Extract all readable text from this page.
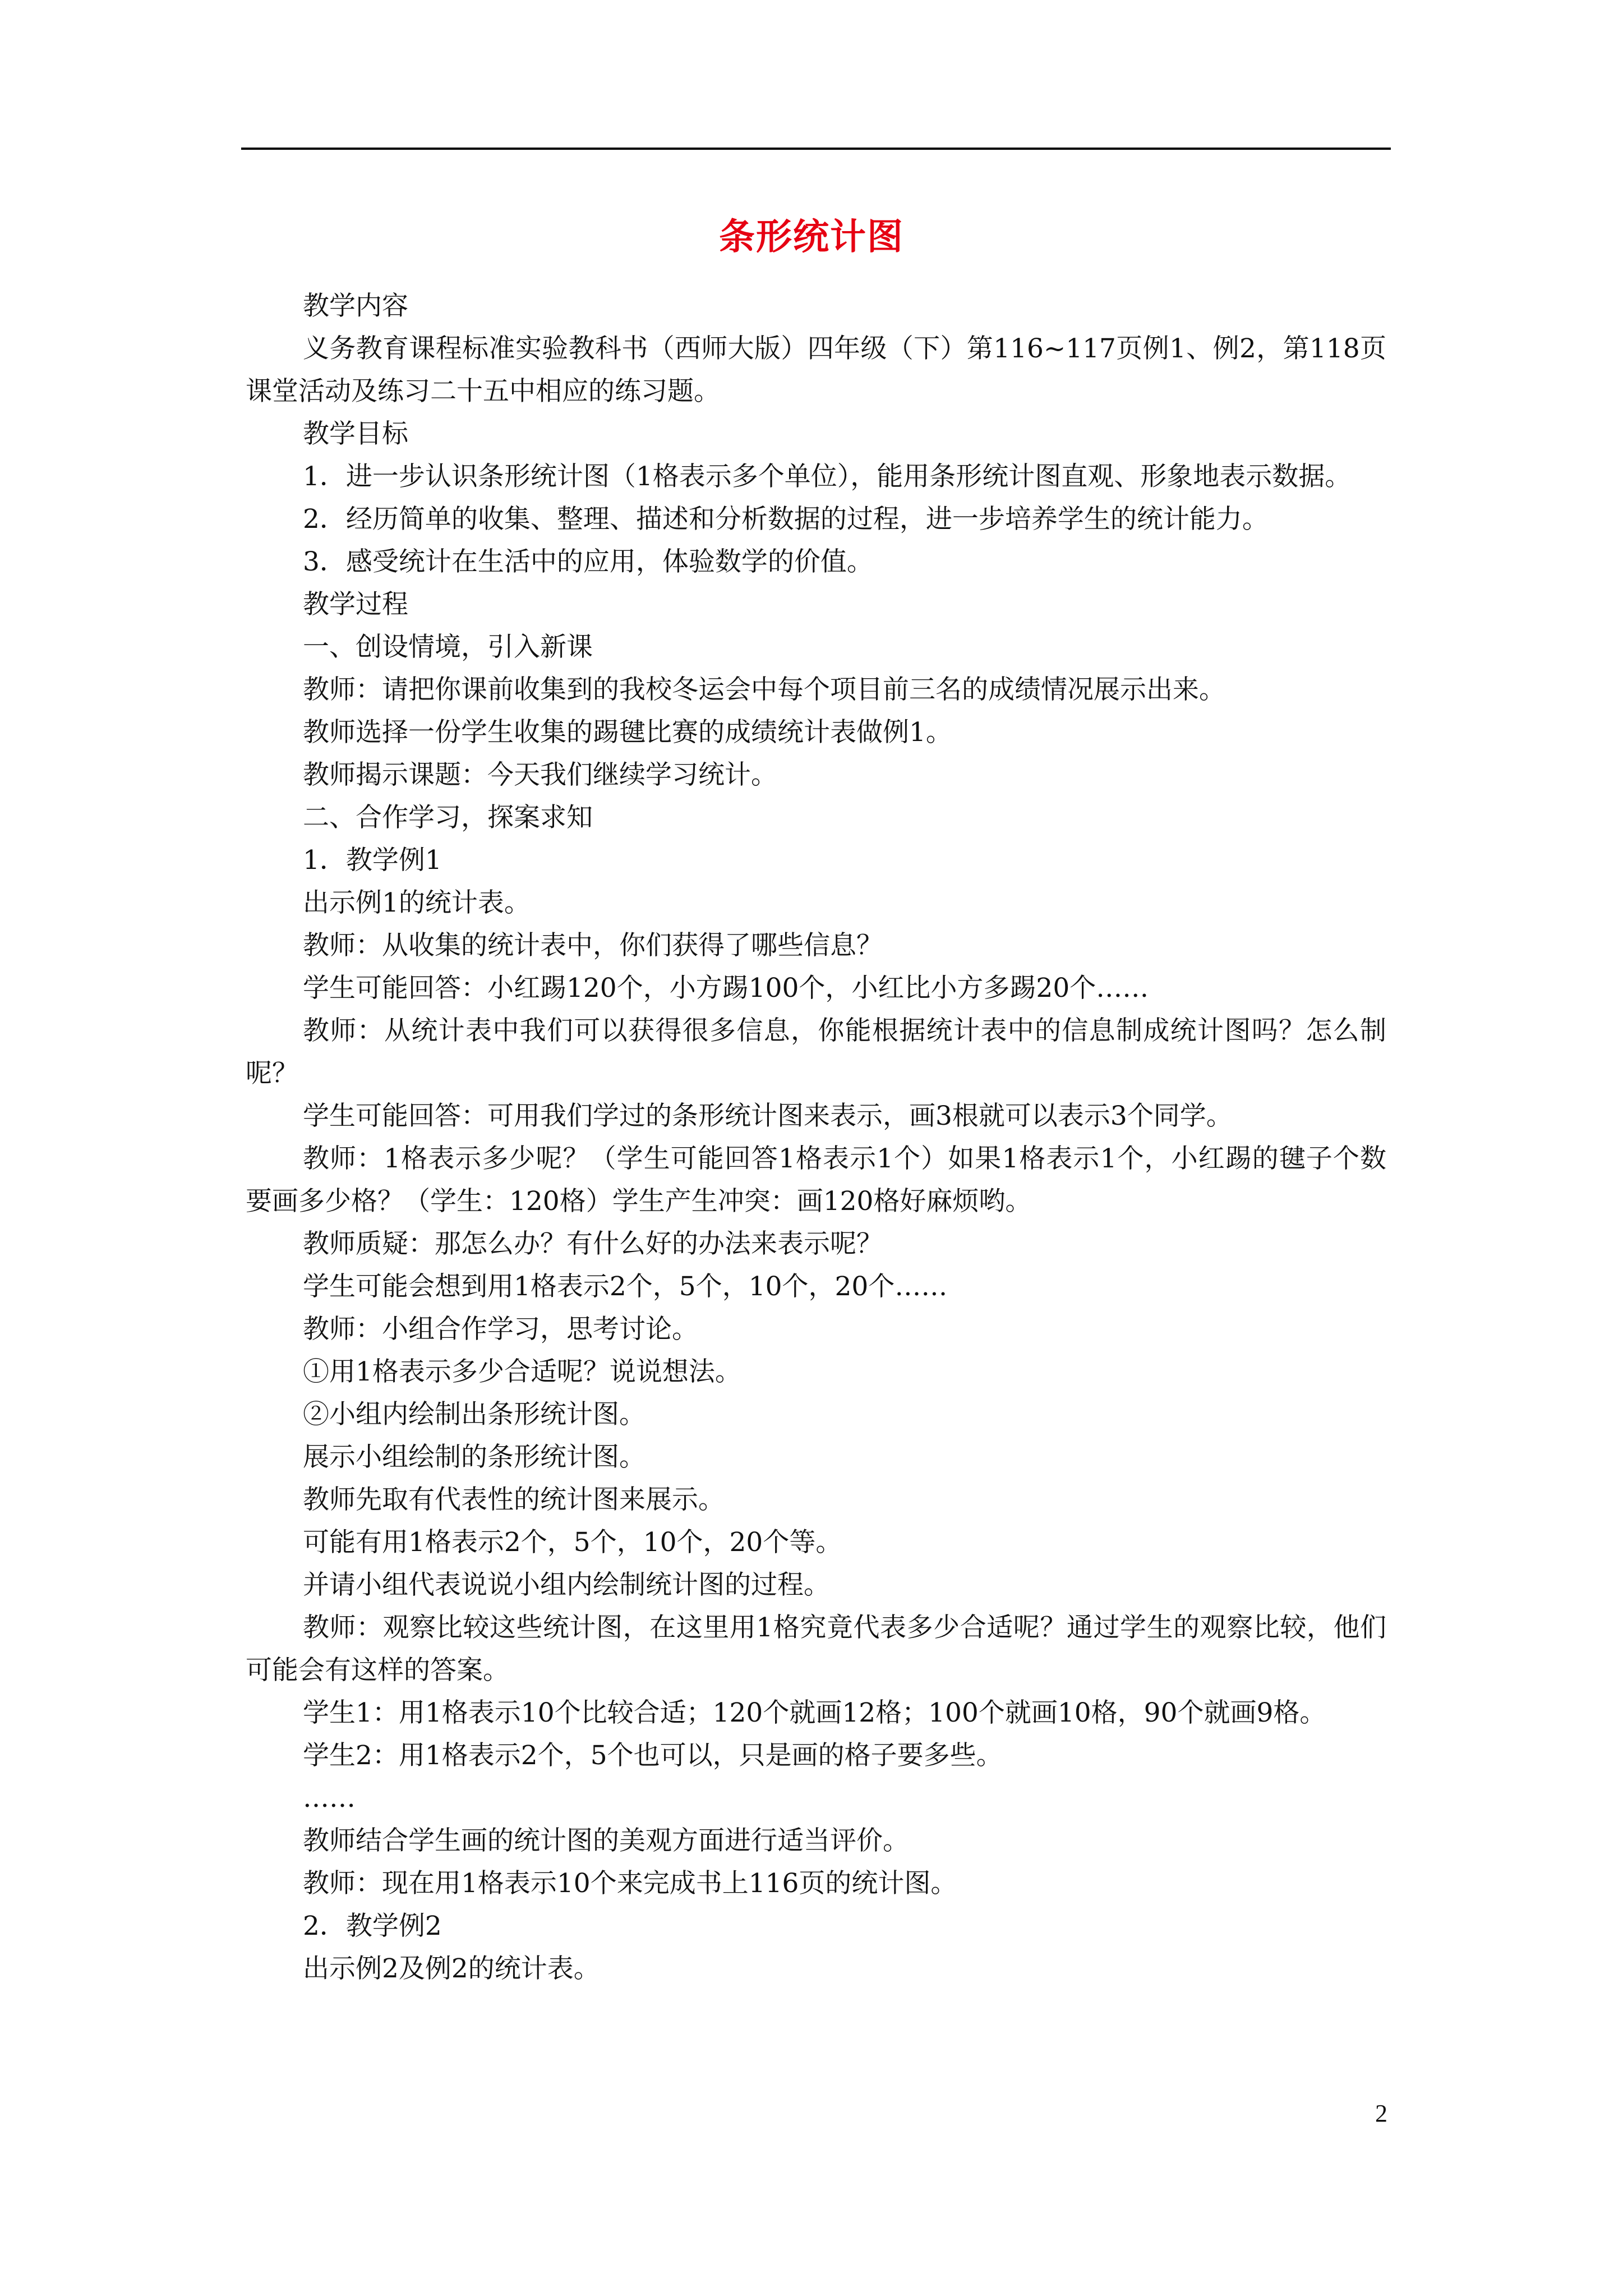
条形统计图

教学内容

义务教育课程标准实验教科书（西师大版）四年级（下）第116~117页例1、例2，第118页课堂活动及练习二十五中相应的练习题。

教学目标

1．进一步认识条形统计图（1格表示多个单位），能用条形统计图直观、形象地表示数据。

2．经历简单的收集、整理、描述和分析数据的过程，进一步培养学生的统计能力。

3．感受统计在生活中的应用，体验数学的价值。

教学过程

一、创设情境，引入新课

教师：请把你课前收集到的我校冬运会中每个项目前三名的成绩情况展示出来。

教师选择一份学生收集的踢毽比赛的成绩统计表做例1。

教师揭示课题：今天我们继续学习统计。

二、合作学习，探案求知

1．教学例1

出示例1的统计表。

教师：从收集的统计表中，你们获得了哪些信息？

学生可能回答：小红踢120个，小方踢100个，小红比小方多踢20个……

教师：从统计表中我们可以获得很多信息，你能根据统计表中的信息制成统计图吗？怎么制呢？

学生可能回答：可用我们学过的条形统计图来表示，画3根就可以表示3个同学。

教师：1格表示多少呢？（学生可能回答1格表示1个）如果1格表示1个，小红踢的毽子个数要画多少格？（学生：120格）学生产生冲突：画120格好麻烦哟。

教师质疑：那怎么办？有什么好的办法来表示呢？

学生可能会想到用1格表示2个，5个，10个，20个……

教师：小组合作学习，思考讨论。

①用1格表示多少合适呢？说说想法。

②小组内绘制出条形统计图。

展示小组绘制的条形统计图。

教师先取有代表性的统计图来展示。

可能有用1格表示2个，5个，10个，20个等。

并请小组代表说说小组内绘制统计图的过程。

教师：观察比较这些统计图，在这里用1格究竟代表多少合适呢？通过学生的观察比较，他们可能会有这样的答案。

学生1：用1格表示10个比较合适；120个就画12格；100个就画10格，90个就画9格。

学生2：用1格表示2个，5个也可以，只是画的格子要多些。

……

教师结合学生画的统计图的美观方面进行适当评价。

教师：现在用1格表示10个来完成书上116页的统计图。

2．教学例2

出示例2及例2的统计表。

2
